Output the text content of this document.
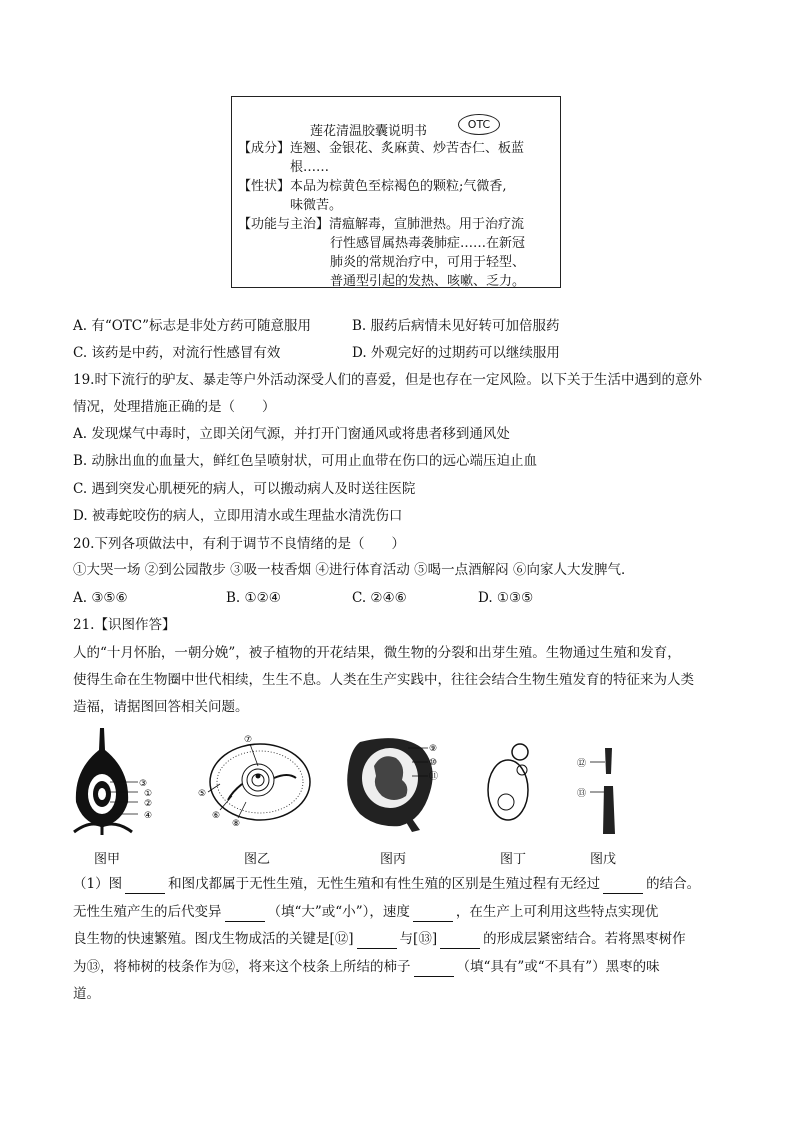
莲花清温胶囊说明书	OTC
【成分】连翘、金银花、炙麻黄、炒苦杏仁、板蓝
根……
【性状】本品为棕黄色至棕褐色的颗粒;气微香,
味微苦。
【功能与主治】清瘟解毒，宣肺泄热。用于治疗流
行性感冒属热毒袭肺症……在新冠
肺炎的常规治疗中，可用于轻型、
普通型引起的发热、咳嗽、乏力。
A. 有“OTC”标志是非处方药可随意服用	B. 服药后病情未见好转可加倍服药
C. 该药是中药，对流行性感冒有效	D. 外观完好的过期药可以继续服用
19.时下流行的驴友、暴走等户外活动深受人们的喜爱，但是也存在一定风险。以下关于生活中遇到的意外
情况，处理措施正确的是（　　）
A. 发现煤气中毒时，立即关闭气源，并打开门窗通风或将患者移到通风处
B. 动脉出血的血量大，鲜红色呈喷射状，可用止血带在伤口的远心端压迫止血
C. 遇到突发心肌梗死的病人，可以搬动病人及时送往医院
D. 被毒蛇咬伤的病人，立即用清水或生理盐水清洗伤口
20.下列各项做法中，有利于调节不良情绪的是（　　）
①大哭一场 ②到公园散步 ③吸一枝香烟 ④进行体育活动 ⑤喝一点酒解闷 ⑥向家人大发脾气．
A. ③⑤⑥	B. ①②④	C. ②④⑥	D. ①③⑤
21.【识图作答】
人的“十月怀胎，一朝分娩”，被子植物的开花结果，微生物的分裂和出芽生殖。生物通过生殖和发育，
使得生命在生物圈中世代相续，生生不息。人类在生产实践中，往往会结合生物生殖发育的特征来为人类
造福，请据图回答相关问题。
③
①
②
④
⑦
⑤
⑥
⑧
⑨
⑩
⑪
⑫
⑬
图甲	图乙	图丙	图丁	图戊
（1）图	和图戊都属于无性生殖，无性生殖和有性生殖的区别是生殖过程有无经过	的结合。
无性生殖产生的后代变异	（填“大”或“小”），速度	，在生产上可利用这些特点实现优
良生物的快速繁殖。图戊生物成活的关键是[⑫]	与[⑬]	的形成层紧密结合。若将黑枣树作
为⑬，将柿树的枝条作为⑫，将来这个枝条上所结的柿子	（填“具有”或“不具有”）黑枣的味
道。
